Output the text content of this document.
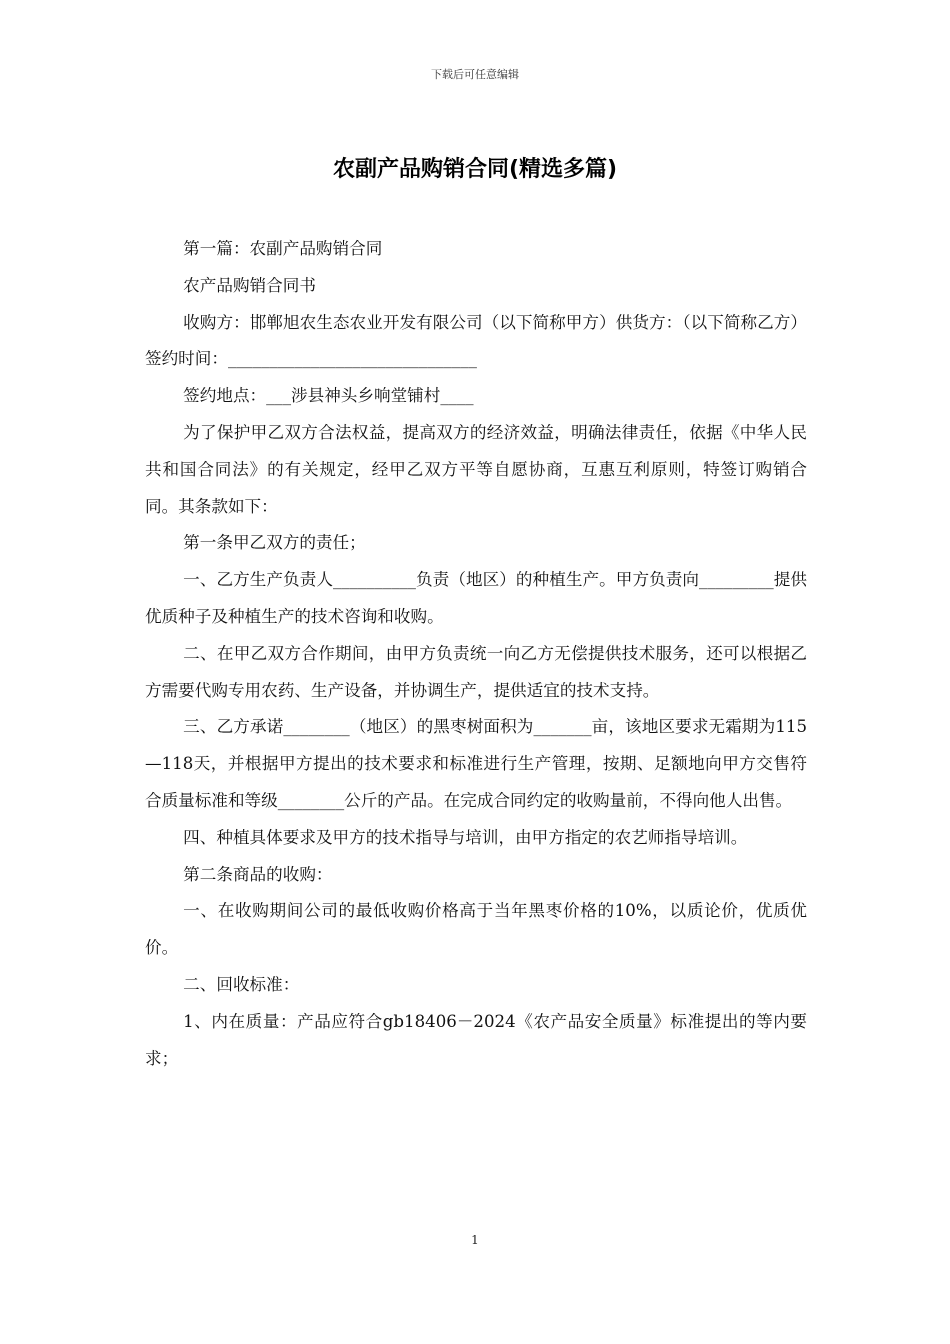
下载后可任意编辑
农副产品购销合同(精选多篇)

第一篇：农副产品购销合同

农产品购销合同书

收购方：邯郸旭农生态农业开发有限公司（以下简称甲方）供货方：（以下简称乙方）签约时间：______________________________

签约地点：___涉县神头乡响堂铺村____

为了保护甲乙双方合法权益，提高双方的经济效益，明确法律责任，依据《中华人民共和国合同法》的有关规定，经甲乙双方平等自愿协商，互惠互利原则，特签订购销合同。其条款如下：

第一条甲乙双方的责任；

一、乙方生产负责人__________负责（地区）的种植生产。甲方负责向_________提供优质种子及种植生产的技术咨询和收购。

二、在甲乙双方合作期间，由甲方负责统一向乙方无偿提供技术服务，还可以根据乙方需要代购专用农药、生产设备，并协调生产，提供适宜的技术支持。

三、乙方承诺________（地区）的黑枣树面积为_______亩，该地区要求无霜期为115—118天，并根据甲方提出的技术要求和标准进行生产管理，按期、足额地向甲方交售符合质量标准和等级________公斤的产品。在完成合同约定的收购量前，不得向他人出售。

四、种植具体要求及甲方的技术指导与培训，由甲方指定的农艺师指导培训。

第二条商品的收购：

一、在收购期间公司的最低收购价格高于当年黑枣价格的10%，以质论价，优质优价。

二、回收标准：

1、内在质量：产品应符合gb18406－2024《农产品安全质量》标准提出的等内要求；

1
